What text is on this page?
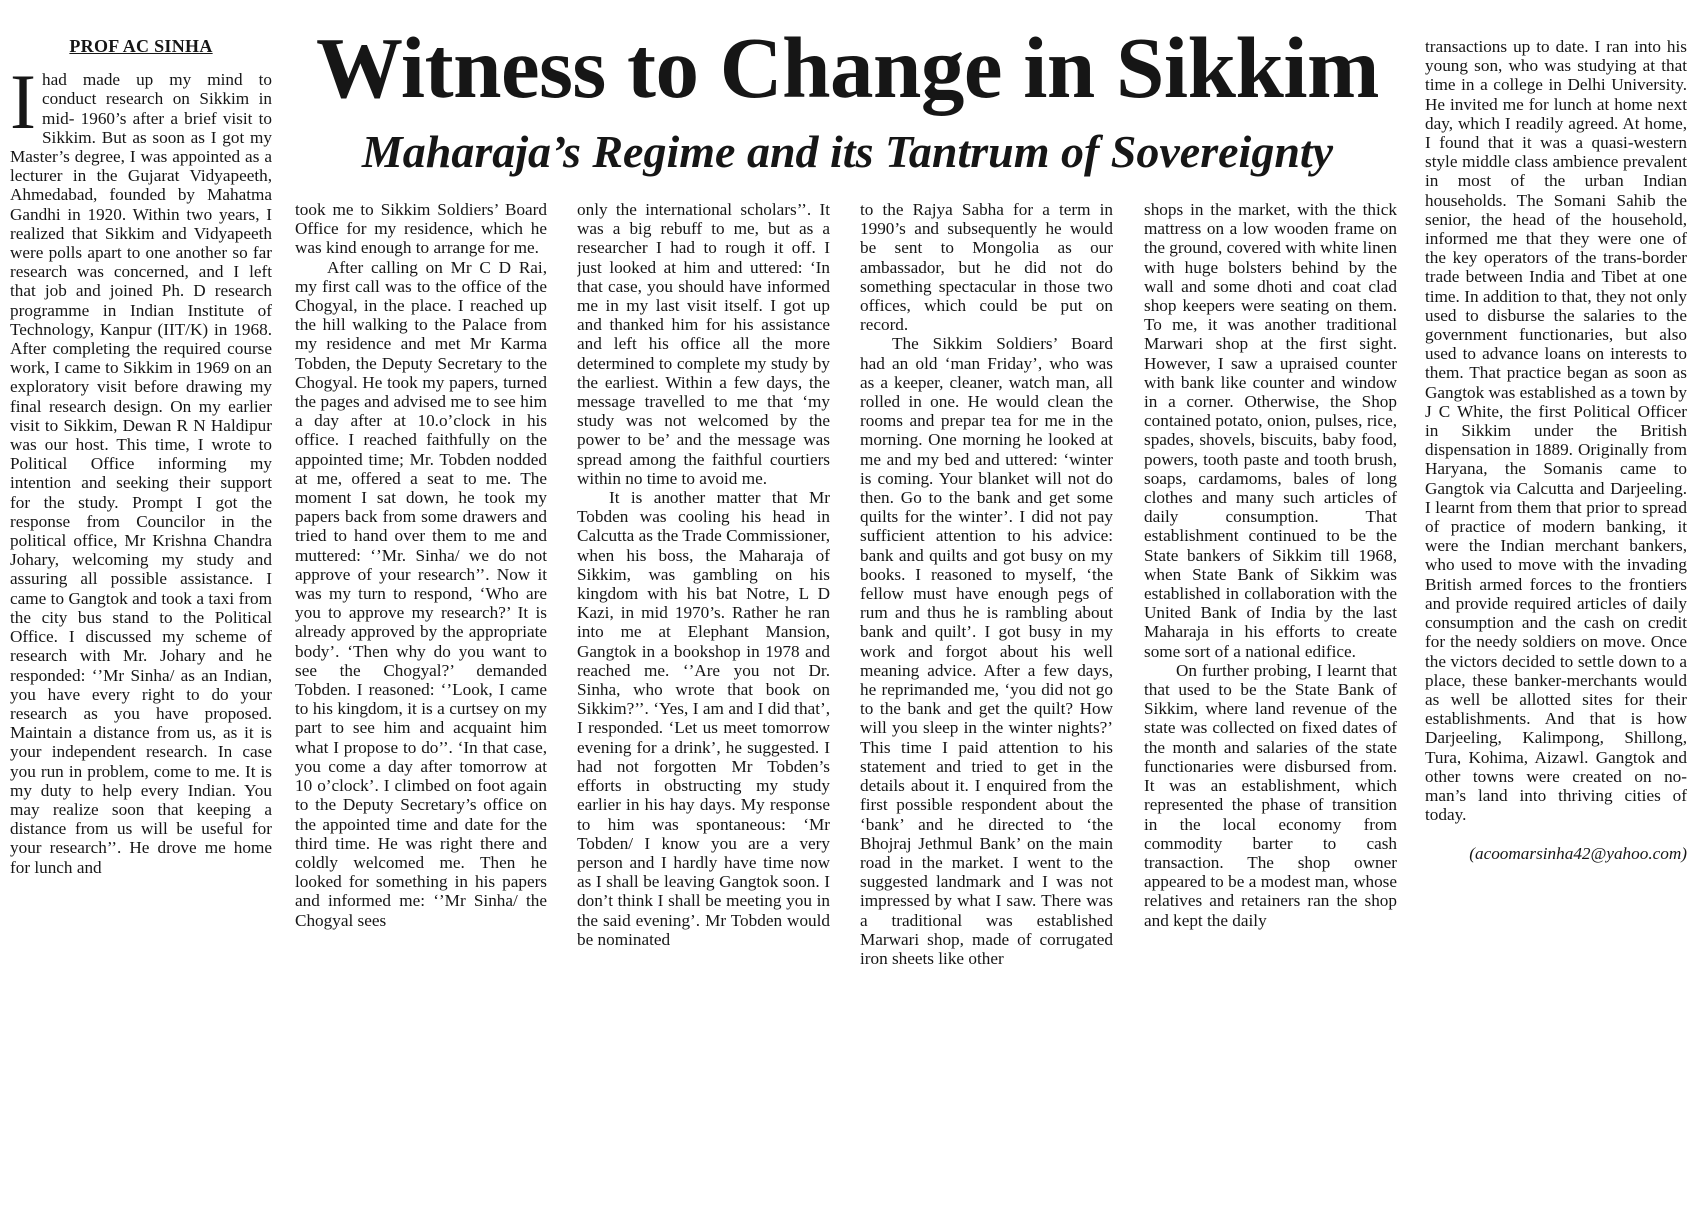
PROF AC SINHA

Ihad made up my mind to conduct research on Sikkim in mid- 1960’s after a brief visit to Sikkim. But as soon as I got my Master’s degree, I was appointed as a lecturer in the Gujarat Vidyapeeth, Ahmedabad, founded by Mahatma Gandhi in 1920. Within two years, I realized that Sikkim and Vidyapeeth were polls apart to one another so far research was concerned, and I left that job and joined Ph. D research programme in Indian Institute of Technology, Kanpur (IIT/K) in 1968. After completing the required course work, I came to Sikkim in 1969 on an exploratory visit before drawing my final research design. On my earlier visit to Sikkim, Dewan R N Haldipur was our host. This time, I wrote to Political Office informing my intention and seeking their support for the study. Prompt I got the response from Councilor in the political office, Mr Krishna Chandra Johary, welcoming my study and assuring all possible assistance. I came to Gangtok and took a taxi from the city bus stand to the Political Office. I discussed my scheme of research with Mr. Johary and he responded: ‘’Mr Sinha/ as an Indian, you have every right to do your research as you have proposed. Maintain a distance from us, as it is your independent research. In case you run in problem, come to me. It is my duty to help every Indian. You may realize soon that keeping a distance from us will be useful for your research’’. He drove me home for lunch and

Witness to Change in Sikkim
Maharaja’s Regime and its Tantrum of Sovereignty

took me to Sikkim Soldiers’ Board Office for my residence, which he was kind enough to arrange for me.

After calling on Mr C D Rai, my first call was to the office of the Chogyal, in the place. I reached up the hill walking to the Palace from my residence and met Mr Karma Tobden, the Deputy Secretary to the Chogyal. He took my papers, turned the pages and advised me to see him a day after at 10.o’clock in his office. I reached faithfully on the appointed time; Mr. Tobden nodded at me, offered a seat to me. The moment I sat down, he took my papers back from some drawers and tried to hand over them to me and muttered: ‘’Mr. Sinha/ we do not approve of your research’’. Now it was my turn to respond, ‘Who are you to approve my research?’ It is already approved by the appropriate body’. ‘Then why do you want to see the Chogyal?’ demanded Tobden. I reasoned: ‘’Look, I came to his kingdom, it is a curtsey on my part to see him and acquaint him what I propose to do’’. ‘In that case, you come a day after tomorrow at 10 o’clock’. I climbed on foot again to the Deputy Secretary’s office on the appointed time and date for the third time. He was right there and coldly welcomed me. Then he looked for something in his papers and informed me: ‘’Mr Sinha/ the Chogyal sees

only the international scholars’’. It was a big rebuff to me, but as a researcher I had to rough it off. I just looked at him and uttered: ‘In that case, you should have informed me in my last visit itself. I got up and thanked him for his assistance and left his office all the more determined to complete my study by the earliest. Within a few days, the message travelled to me that ‘my study was not welcomed by the power to be’ and the message was spread among the faithful courtiers within no time to avoid me.

It is another matter that Mr Tobden was cooling his head in Calcutta as the Trade Commissioner, when his boss, the Maharaja of Sikkim, was gambling on his kingdom with his bat Notre, L D Kazi, in mid 1970’s. Rather he ran into me at Elephant Mansion, Gangtok in a bookshop in 1978 and reached me. ‘’Are you not Dr. Sinha, who wrote that book on Sikkim?’’. ‘Yes, I am and I did that’, I responded. ‘Let us meet tomorrow evening for a drink’, he suggested. I had not forgotten Mr Tobden’s efforts in obstructing my study earlier in his hay days. My response to him was spontaneous: ‘Mr Tobden/ I know you are a very person and I hardly have time now as I shall be leaving Gangtok soon. I don’t think I shall be meeting you in the said evening’. Mr Tobden would be nominated

to the Rajya Sabha for a term in 1990’s and subsequently he would be sent to Mongolia as our ambassador, but he did not do something spectacular in those two offices, which could be put on record.

The Sikkim Soldiers’ Board had an old ‘man Friday’, who was as a keeper, cleaner, watch man, all rolled in one. He would clean the rooms and prepar tea for me in the morning. One morning he looked at me and my bed and uttered: ‘winter is coming. Your blanket will not do then. Go to the bank and get some quilts for the winter’. I did not pay sufficient attention to his advice: bank and quilts and got busy on my books. I reasoned to myself, ‘the fellow must have enough pegs of rum and thus he is rambling about bank and quilt’. I got busy in my work and forgot about his well meaning advice. After a few days, he reprimanded me, ‘you did not go to the bank and get the quilt? How will you sleep in the winter nights?’ This time I paid attention to his statement and tried to get in the details about it. I enquired from the first possible respondent about the ‘bank’ and he directed to ‘the Bhojraj Jethmul Bank’ on the main road in the market. I went to the suggested landmark and I was not impressed by what I saw. There was a traditional was established Marwari shop, made of corrugated iron sheets like other

shops in the market, with the thick mattress on a low wooden frame on the ground, covered with white linen with huge bolsters behind by the wall and some dhoti and coat clad shop keepers were seating on them. To me, it was another traditional Marwari shop at the first sight. However, I saw a upraised counter with bank like counter and window in a corner. Otherwise, the Shop contained potato, onion, pulses, rice, spades, shovels, biscuits, baby food, powers, tooth paste and tooth brush, soaps, cardamoms, bales of long clothes and many such articles of daily consumption. That establishment continued to be the State bankers of Sikkim till 1968, when State Bank of Sikkim was established in collaboration with the United Bank of India by the last Maharaja in his efforts to create some sort of a national edifice.

On further probing, I learnt that that used to be the State Bank of Sikkim, where land revenue of the state was collected on fixed dates of the month and salaries of the state functionaries were disbursed from. It was an establishment, which represented the phase of transition in the local economy from commodity barter to cash transaction. The shop owner appeared to be a modest man, whose relatives and retainers ran the shop and kept the daily

transactions up to date. I ran into his young son, who was studying at that time in a college in Delhi University. He invited me for lunch at home next day, which I readily agreed. At home, I found that it was a quasi-western style middle class ambience prevalent in most of the urban Indian households. The Somani Sahib the senior, the head of the household, informed me that they were one of the key operators of the trans-border trade between India and Tibet at one time. In addition to that, they not only used to disburse the salaries to the government functionaries, but also used to advance loans on interests to them. That practice began as soon as Gangtok was established as a town by J C White, the first Political Officer in Sikkim under the British dispensation in 1889. Originally from Haryana, the Somanis came to Gangtok via Calcutta and Darjeeling. I learnt from them that prior to spread of practice of modern banking, it were the Indian merchant bankers, who used to move with the invading British armed forces to the frontiers and provide required articles of daily consumption and the cash on credit for the needy soldiers on move. Once the victors decided to settle down to a place, these banker-merchants would as well be allotted sites for their establishments. And that is how Darjeeling, Kalimpong, Shillong, Tura, Kohima, Aizawl. Gangtok and other towns were created on no-man’s land into thriving cities of today.

(acoomarsinha42@yahoo.com)
